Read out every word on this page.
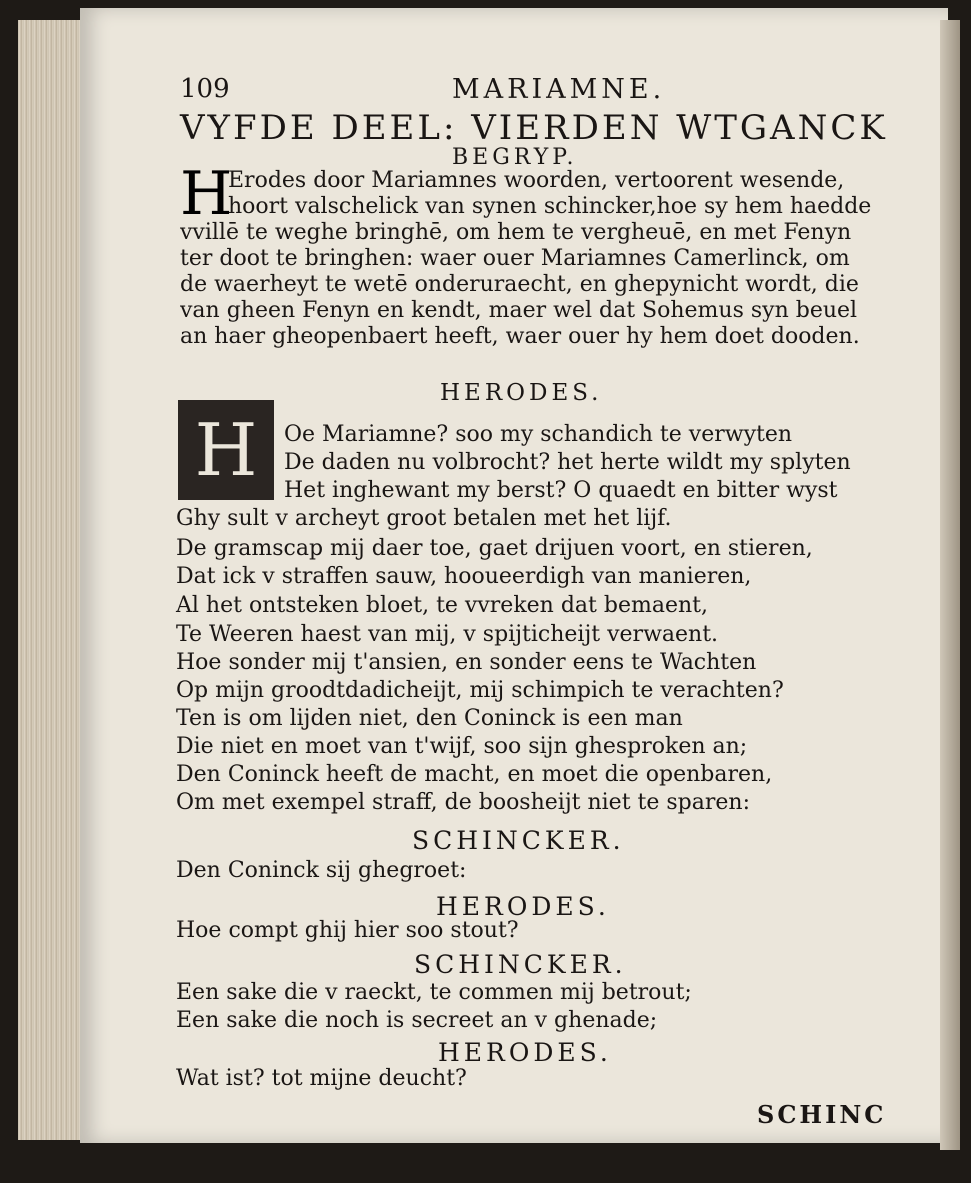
109	MARIAMNE.
VYFDE DEEL: VIERDEN WTGANCK
BEGRYP.
H
Erodes door Mariamnes woorden, vertoorent wesende,
hoort valschelick van synen schincker,hoe sy hem haedde
vvillē te weghe bringhē, om hem te vergheuē, en met Fenyn
ter doot te bringhen: waer ouer Mariamnes Camerlinck, om
de waerheyt te wetē onderuraecht, en ghepynicht wordt, die
van gheen Fenyn en kendt, maer wel dat Sohemus syn beuel
an haer gheopenbaert heeft, waer ouer hy hem doet dooden.
HERODES.
H Oe Mariamne? soo my schandich te verwyten
De daden nu volbrocht? het herte wildt my splyten
Het inghewant my berst? O quaedt en bitter wyst
Ghy sult v archeyt groot betalen met het lijf.
De gramscap mij daer toe, gaet drijuen voort, en stieren,
Dat ick v straffen sauw, hooueerdigh van manieren,
Al het ontsteken bloet, te vvreken dat bemaent,
Te Weeren haest van mij, v spijticheijt verwaent.
Hoe sonder mij t'ansien, en sonder eens te Wachten
Op mijn groodtdadicheijt, mij schimpich te verachten?
Ten is om lijden niet, den Coninck is een man
Die niet en moet van t'wijf, soo sijn ghesproken an;
Den Coninck heeft de macht, en moet die openbaren,
Om met exempel straff, de boosheijt niet te sparen:
SCHINCKER.
Den Coninck sij ghegroet:
HERODES.
Hoe compt ghij hier soo stout?
SCHINCKER.
Een sake die v raeckt, te commen mij betrout;
Een sake die noch is secreet an v ghenade;
HERODES.
Wat ist? tot mijne deucht?
SCHINC
